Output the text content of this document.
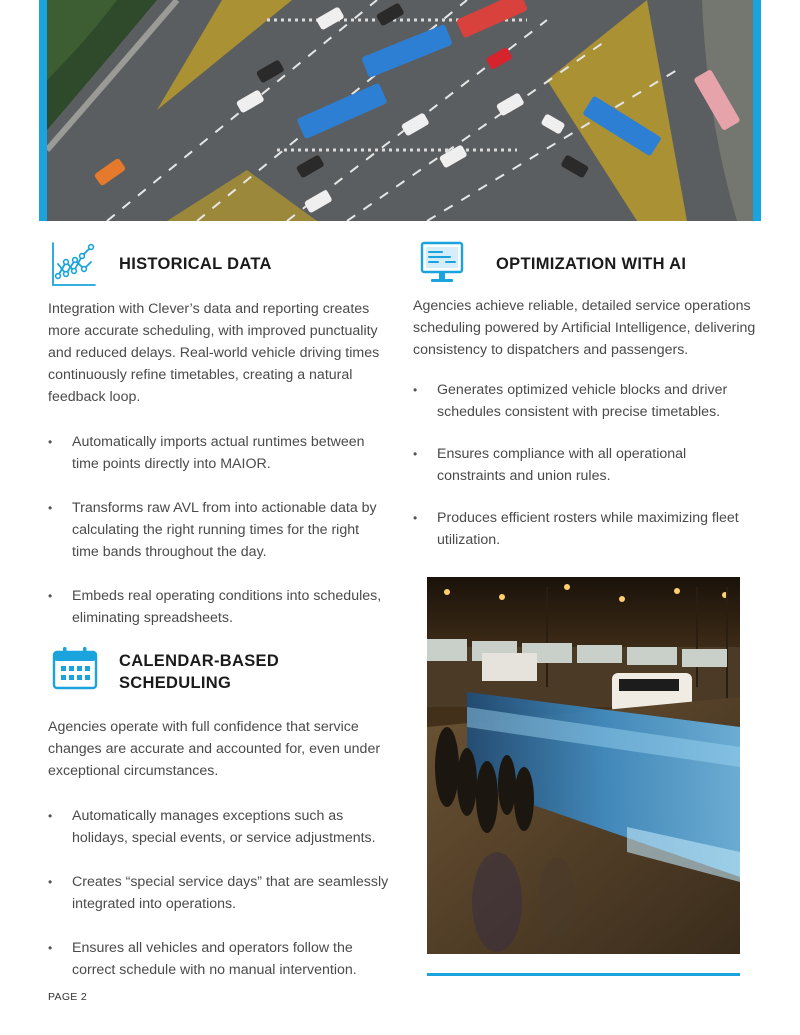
HISTORICAL DATA
Integration with Clever’s data and reporting creates more accurate scheduling, with improved punctuality and reduced delays. Real-world vehicle driving times continuously refine timetables, creating a natural feedback loop.
• Automatically imports actual runtimes between time points directly into MAIOR.
• Transforms raw AVL from into actionable data by calculating the right running times for the right time bands throughout the day.
• Embeds real operating conditions into schedules, eliminating spreadsheets.
CALENDAR-BASED
SCHEDULING
Agencies operate with full confidence that service changes are accurate and accounted for, even under exceptional circumstances.
• Automatically manages exceptions such as holidays, special events, or service adjustments.
• Creates “special service days” that are seamlessly integrated into operations.
• Ensures all vehicles and operators follow the correct schedule with no manual intervention.
OPTIMIZATION WITH AI
Agencies achieve reliable, detailed service operations scheduling powered by Artificial Intelligence, delivering consistency to dispatchers and passengers.
• Generates optimized vehicle blocks and driver schedules consistent with precise timetables.
• Ensures compliance with all operational constraints and union rules.
• Produces efficient rosters while maximizing fleet utilization.
PAGE 2
